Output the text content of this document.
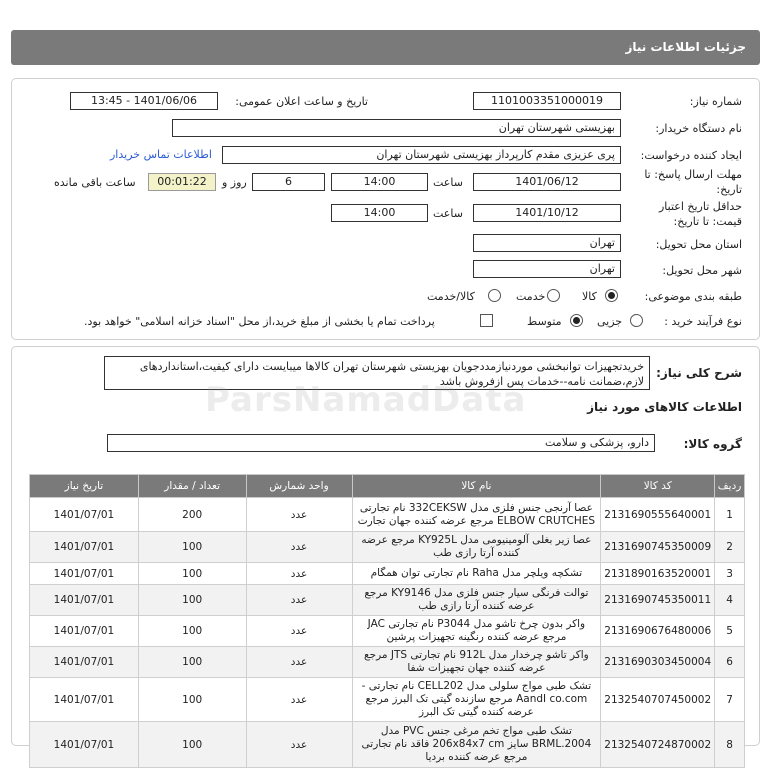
جزئیات اطلاعات نیاز
شماره نیاز:
1101003351000019
تاریخ و ساعت اعلان عمومی:
1401/06/06 - 13:45
نام دستگاه خریدار:
بهزیستی شهرستان تهران
ایجاد کننده درخواست:
پری عزیزی مقدم کارپرداز بهزیستی شهرستان تهران
اطلاعات تماس خریدار
مهلت ارسال پاسخ: تا
تاریخ:
1401/06/12
ساعت
14:00
6
روز و
00:01:22
ساعت باقی مانده
حداقل تاریخ اعتبار
قیمت: تا تاریخ:
1401/10/12
ساعت
14:00
استان محل تحویل:
تهران
شهر محل تحویل:
تهران
طبقه بندی موضوعی:
کالا
خدمت
کالا/خدمت
نوع فرآیند خرید :
جزیی
متوسط
پرداخت تمام یا بخشی از مبلغ خرید،از محل "اسناد خزانه اسلامی" خواهد بود.
شرح کلی نیاز:
خریدتجهیزات توانبخشی موردنیازمددجویان بهزیستی شهرستان تهران کالاها میبایست دارای کیفیت،استانداردهای لازم،ضمانت نامه--خدمات پس ازفروش باشد
اطلاعات کالاهای مورد نیاز
گروه کالا:
دارو، پزشکی و سلامت
ردیف	کد کالا	نام کالا	واحد شمارش	تعداد / مقدار	تاریخ نیاز
1	2131690555640001	عصا آرنجی جنس فلزی مدل 332CEKSW نام تجارتی ELBOW CRUTCHES مرجع عرضه کننده جهان تجارت	عدد	200	1401/07/01
2	2131690745350009	عصا زیر بغلی آلومینیومی مدل KY925L مرجع عرضه کننده آرتا رازی طب	عدد	100	1401/07/01
3	2131890163520001	تشکچه ویلچر مدل Raha نام تجارتی توان همگام	عدد	100	1401/07/01
4	2131690745350011	توالت فرنگی سیار جنس فلزی مدل KY9146 مرجع عرضه کننده آرتا رازی طب	عدد	100	1401/07/01
5	2131690676480006	واکر بدون چرخ تاشو مدل P3044 نام تجارتی JAC مرجع عرضه کننده رنگینه تجهیزات پرشین	عدد	100	1401/07/01
6	2131690303450004	واکر تاشو چرخدار مدل 912L نام تجارتی JTS مرجع عرضه کننده جهان تجهیزات شفا	عدد	100	1401/07/01
7	2132540707450002	تشک طبی مواج سلولی مدل CELL202 نام تجارتی -AandI co.com مرجع سازنده گیتی تک البرز مرجع عرضه کننده گیتی تک البرز	عدد	100	1401/07/01
8	2132540724870002	تشک طبی مواج تخم مرغی جنس PVC مدل BRML.2004 سایز 206x84x7 cm فاقد نام تجارتی مرجع عرضه کننده بردیا	عدد	100	1401/07/01
